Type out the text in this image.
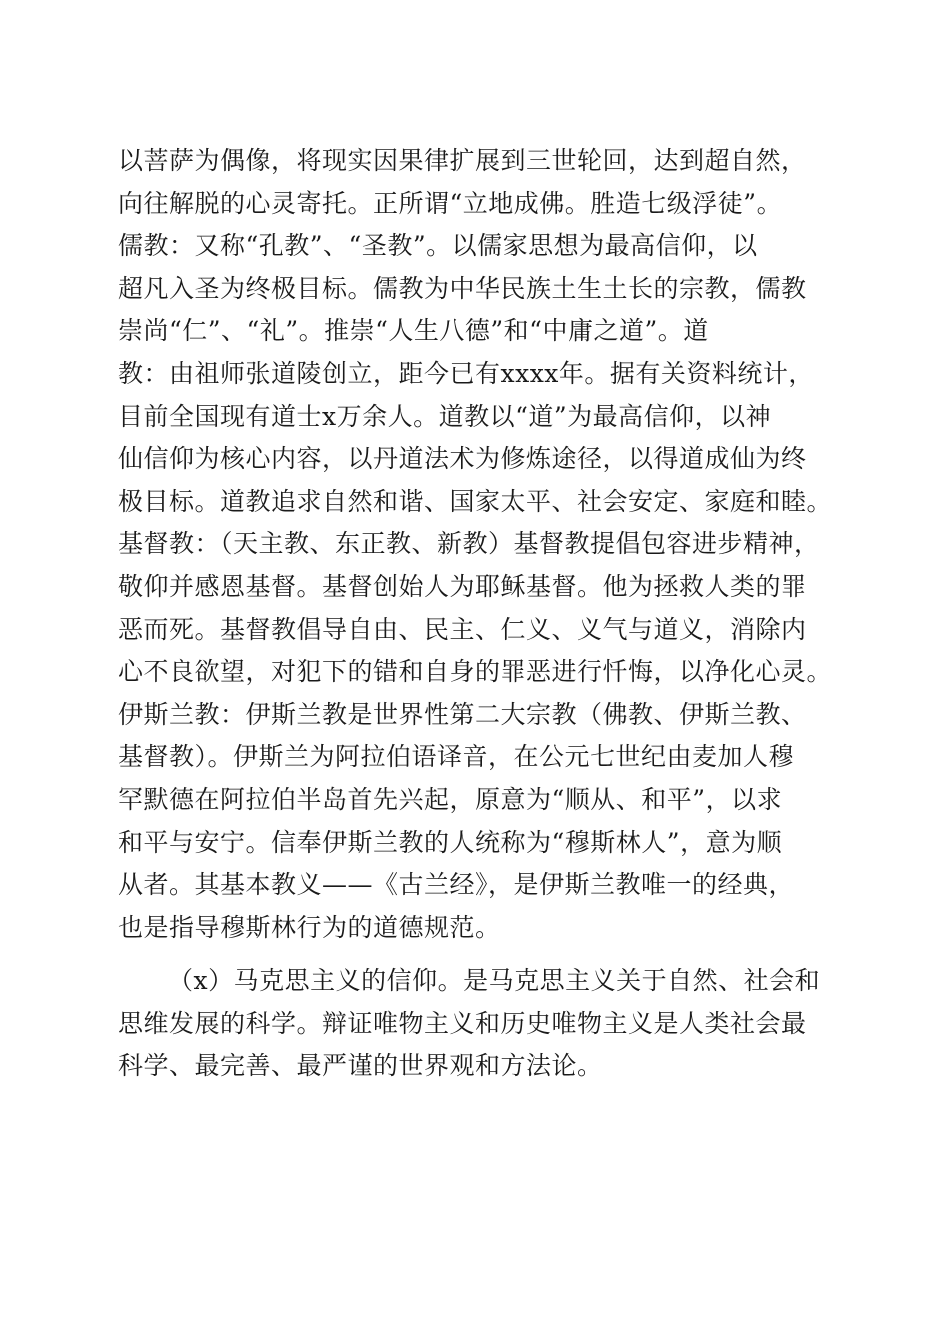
以菩萨为偶像，将现实因果律扩展到三世轮回，达到超自然，
向往解脱的心灵寄托。正所谓“立地成佛。胜造七级浮徒”。
儒教：又称“孔教”、“圣教”。以儒家思想为最高信仰，以
超凡入圣为终极目标。儒教为中华民族土生土长的宗教，儒教
崇尚“仁”、“礼”。推崇“人生八德”和“中庸之道”。道
教：由祖师张道陵创立，距今已有xxxx年。据有关资料统计，
目前全国现有道士x万余人。道教以“道”为最高信仰，以神
仙信仰为核心内容，以丹道法术为修炼途径，以得道成仙为终
极目标。道教追求自然和谐、国家太平、社会安定、家庭和睦。
基督教：（天主教、东正教、新教）基督教提倡包容进步精神，
敬仰并感恩基督。基督创始人为耶稣基督。他为拯救人类的罪
恶而死。基督教倡导自由、民主、仁义、义气与道义，消除内
心不良欲望，对犯下的错和自身的罪恶进行忏悔，以净化心灵。
伊斯兰教：伊斯兰教是世界性第二大宗教（佛教、伊斯兰教、
基督教）。伊斯兰为阿拉伯语译音，在公元七世纪由麦加人穆
罕默德在阿拉伯半岛首先兴起，原意为“顺从、和平”，以求
和平与安宁。信奉伊斯兰教的人统称为“穆斯林人”，意为顺
从者。其基本教义——《古兰经》，是伊斯兰教唯一的经典，
也是指导穆斯林行为的道德规范。
（x）马克思主义的信仰。是马克思主义关于自然、社会和
思维发展的科学。辩证唯物主义和历史唯物主义是人类社会最
科学、最完善、最严谨的世界观和方法论。
